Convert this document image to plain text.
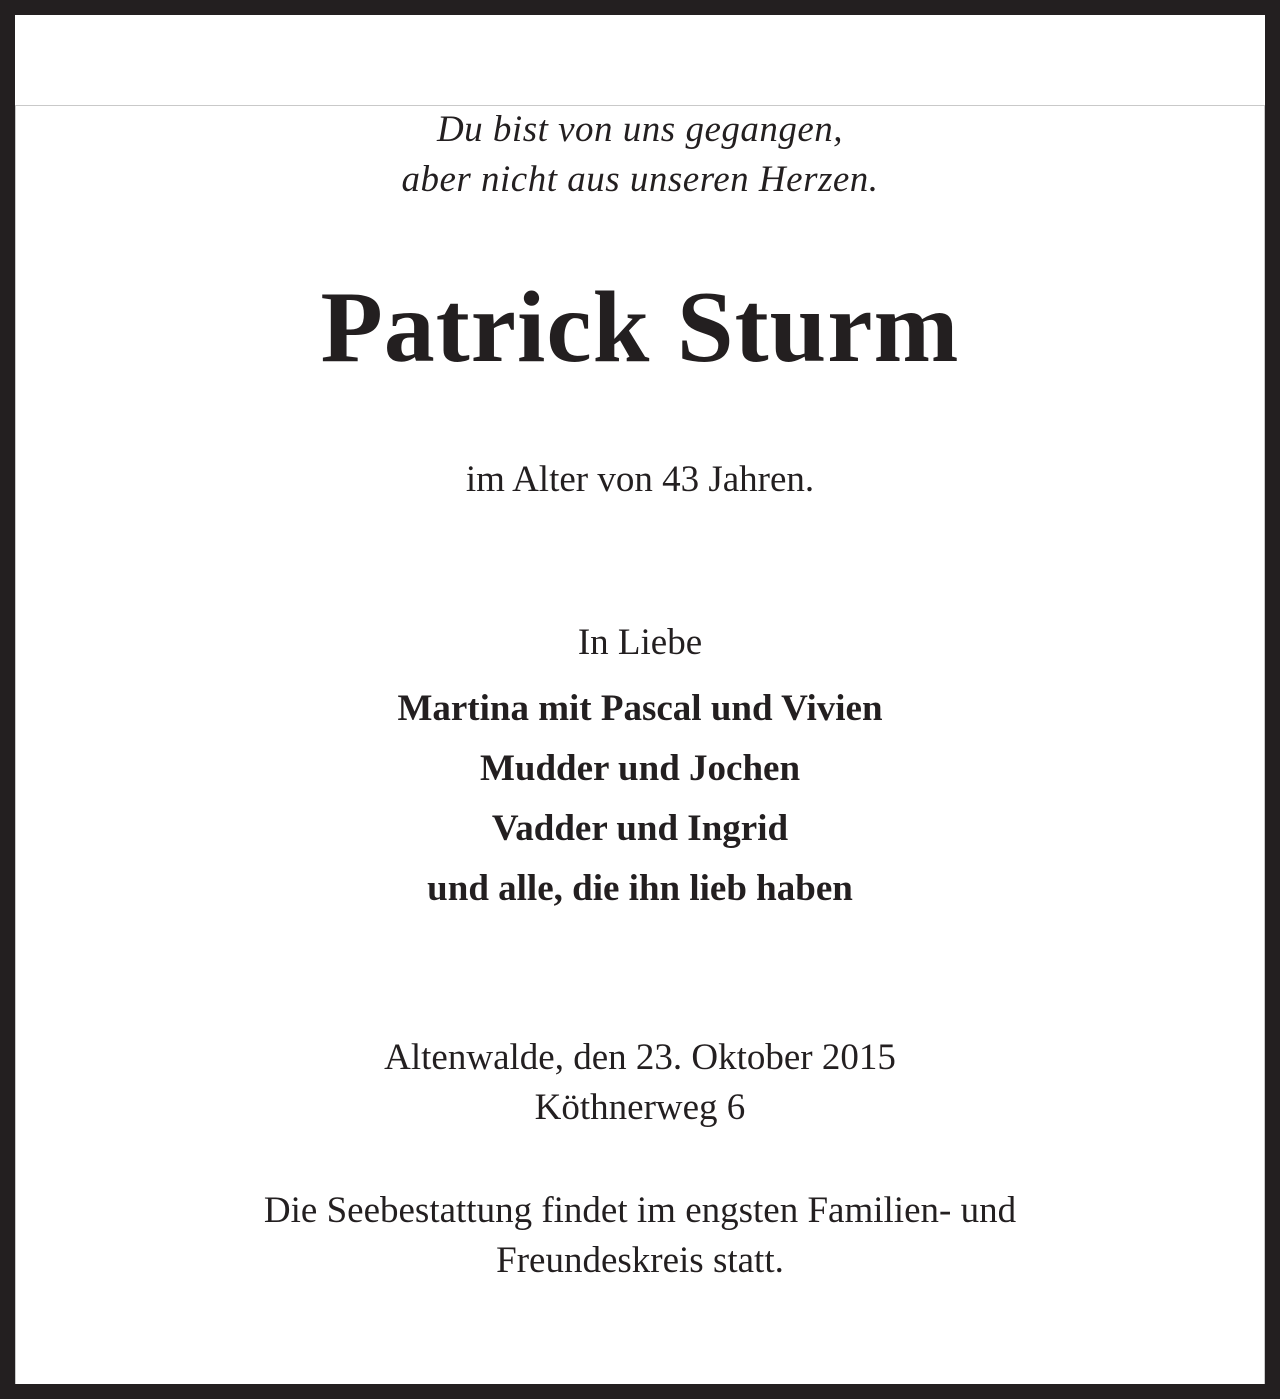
Du bist von uns gegangen,
aber nicht aus unseren Herzen.
Patrick Sturm
im Alter von 43 Jahren.
In Liebe
Martina mit Pascal und Vivien
Mudder und Jochen
Vadder und Ingrid
und alle, die ihn lieb haben
Altenwalde, den 23. Oktober 2015
Köthnerweg 6
Die Seebestattung findet im engsten Familien- und
Freundeskreis statt.
